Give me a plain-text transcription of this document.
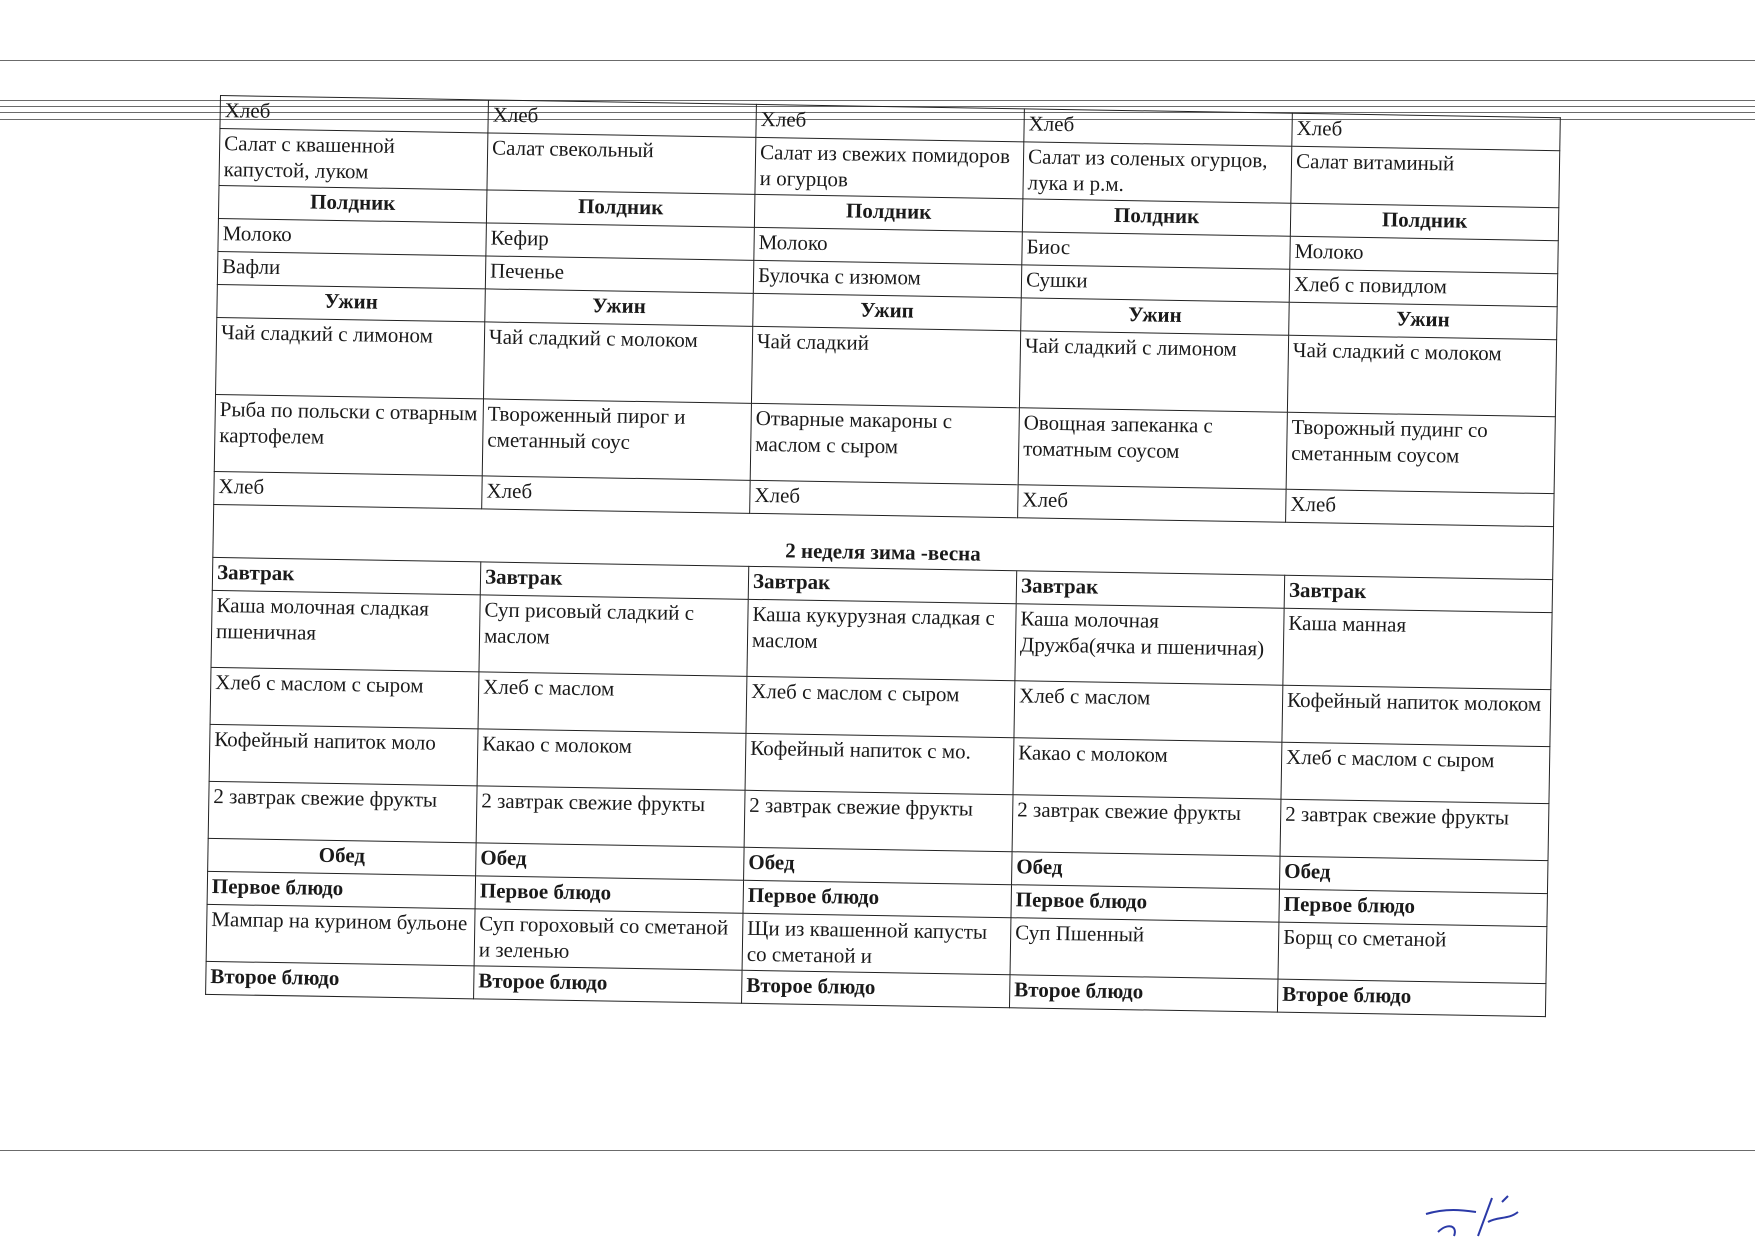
Хлеб	Хлеб	Хлеб	Хлеб	Хлеб
Салат с квашенной капустой, луком	Салат свекольный	Салат из свежих помидоров и огурцов	Салат из соленых огурцов, лука и р.м.	Салат витаминый
Полдник	Полдник	Полдник	Полдник	Полдник
Молоко	Кефир	Молоко	Биос	Молоко
Вафли	Печенье	Булочка с изюмом	Сушки	Хлеб с повидлом
Ужин	Ужин	Ужип	Ужин	Ужин
Чай сладкий с лимоном	Чай сладкий с молоком	Чай сладкий	Чай сладкий с лимоном	Чай сладкий с молоком
Рыба по польски с отварным картофелем	Твороженный пирог и сметанный соус	Отварные макароны с маслом с сыром	Овощная запеканка с томатным соусом	Творожный пудинг со сметанным соусом
Хлеб	Хлеб	Хлеб	Хлеб	Хлеб
2 неделя зима -весна				
Завтрак	Завтрак	Завтрак	Завтрак	Завтрак
Каша молочная сладкая пшеничная	Суп рисовый сладкий с маслом	Каша кукурузная сладкая с маслом	Каша молочная Дружба(ячка и пшеничная)	Каша манная
Хлеб с маслом с сыром	Хлеб с маслом	Хлеб с маслом с сыром	Хлеб с маслом	Кофейный напиток молоком
Кофейный напиток моло	Какао с молоком	Кофейный напиток с мо.	Какао с молоком	Хлеб с маслом с сыром
2 завтрак свежие фрукты	2 завтрак свежие фрукты	2 завтрак свежие фрукты	2 завтрак свежие фрукты	2 завтрак свежие фрукты
Обед	Обед	Обед	Обед	Обед
Первое блюдо	Первое блюдо	Первое блюдо	Первое блюдо	Первое блюдо
Мампар на курином бульоне	Суп гороховый со сметаной и зеленью	Щи из квашенной капусты со сметаной и	Суп Пшенный	Борщ со сметаной
Второе блюдо	Второе блюдо	Второе блюдо	Второе блюдо	Второе блюдо
